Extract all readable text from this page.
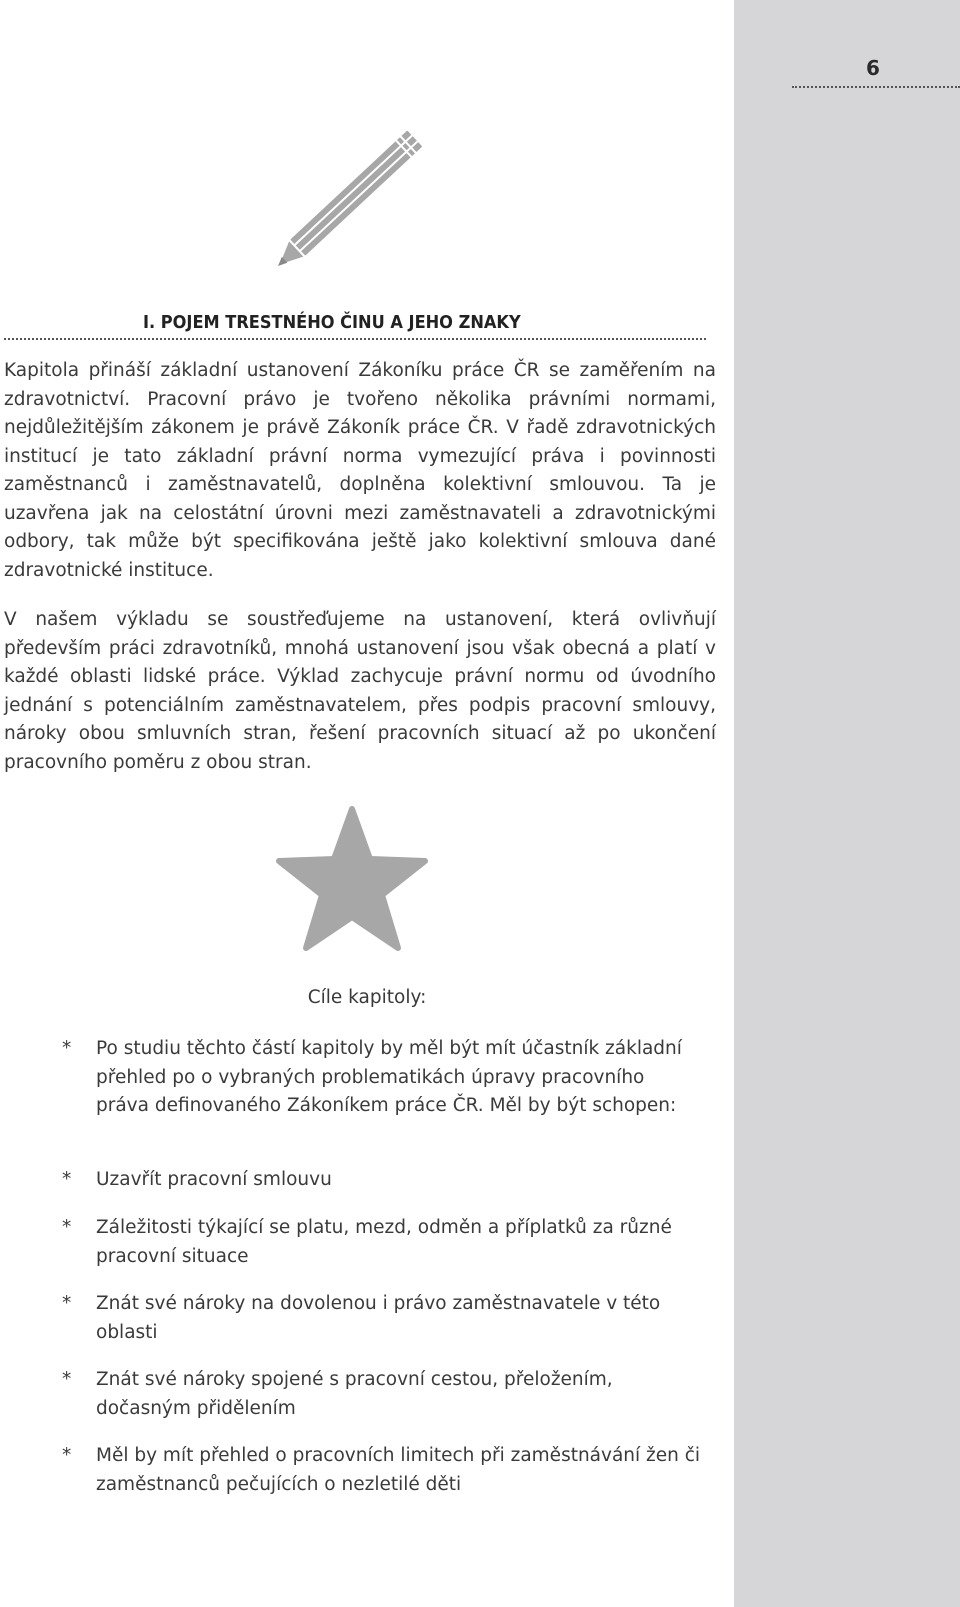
6
I. POJEM TRESTNÉHO ČINU A JEHO ZNAKY

Kapitola přináší základní ustanovení Zákoníku práce ČR se zaměřením na zdravotnictví. Pracovní právo je tvořeno několika právními normami, nejdůležitějším zákonem je právě Zákoník práce ČR. V řadě zdravotnických institucí je tato základní právní norma vymezující práva i povinnosti zaměstnanců i zaměstnavatelů, doplněna kolektivní smlouvou. Ta je uzavřena jak na celostátní úrovni mezi zaměstnavateli a zdravotnickými odbory, tak může být specifikována ještě jako kolektivní smlouva dané zdravotnické instituce.

V našem výkladu se soustřeďujeme na ustanovení, která ovlivňují především práci zdravotníků, mnohá ustanovení jsou však obecná a platí v každé oblasti lidské práce. Výklad zachycuje právní normu od úvodního jednání s potenciálním zaměstnavatelem, přes podpis pracovní smlouvy, nároky obou smluvních stran, řešení pracovních situací až po ukončení pracovního poměru z obou stran.

Cíle kapitoly:
*	Po studiu těchto částí kapitoly by měl být mít účastník základní přehled po o vybraných problematikách úpravy pracovního práva definovaného Zákoníkem práce ČR. Měl by být schopen:
*	Uzavřít pracovní smlouvu
*	Záležitosti týkající se platu, mezd, odměn a příplatků za různé pracovní situace
*	Znát své nároky na dovolenou i právo zaměstnavatele v této oblasti
*	Znát své nároky spojené s pracovní cestou, přeložením, dočasným přidělením
*	Měl by mít přehled o pracovních limitech při zaměstnávání žen či zaměstnanců pečujících o nezletilé děti
